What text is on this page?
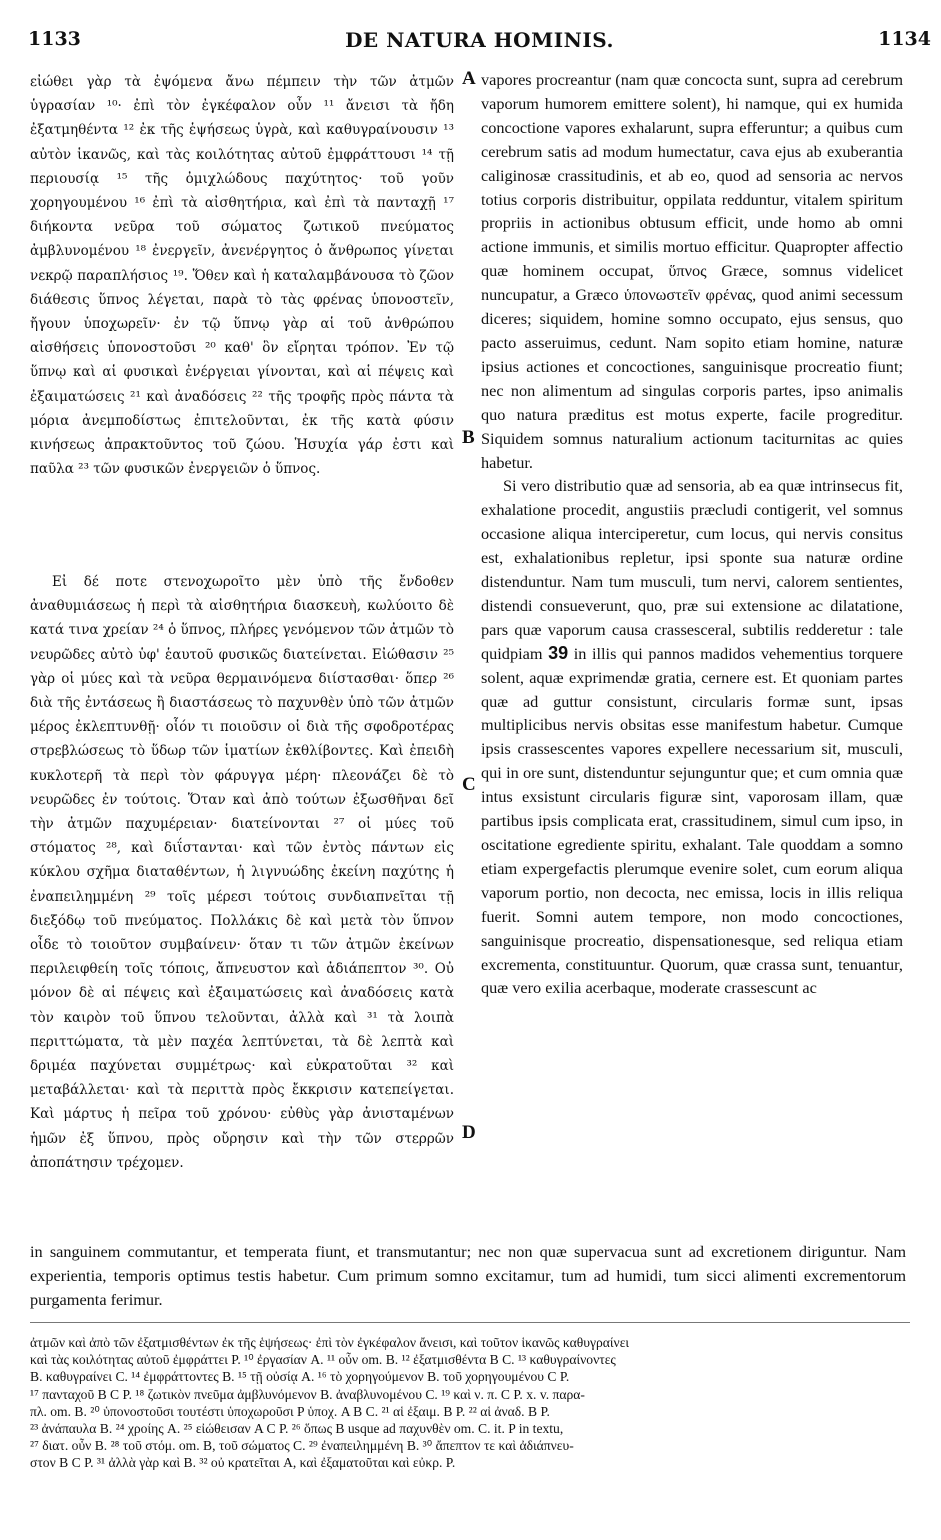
1133	DE NATURA HOMINIS.	1134

εἰώθει γὰρ τὰ ἐψόμενα ἄνω πέμπειν τὴν τῶν ἀτμῶν ὑγρασίαν ¹⁰· ἐπὶ τὸν ἐγκέφαλον οὖν ¹¹ ἄνεισι τὰ ἤδη ἐξατμηθέντα ¹² ἐκ τῆς ἑψήσεως ὑγρὰ, καὶ καθυγραίνουσιν ¹³ αὐτὸν ἱκανῶς, καὶ τὰς κοιλότητας αὐτοῦ ἐμφράττουσι ¹⁴ τῇ περιουσίᾳ ¹⁵ τῆς ὀμιχλώδους παχύτητος· τοῦ γοῦν χορηγουμένου ¹⁶ ἐπὶ τὰ αἰσθητήρια, καὶ ἐπὶ τὰ πανταχῇ ¹⁷ διήκοντα νεῦρα τοῦ σώματος ζωτικοῦ πνεύματος ἀμβλυνομένου ¹⁸ ἐνεργεῖν, ἀνενέργητος ὁ ἄνθρωπος γίνεται νεκρῷ παραπλήσιος ¹⁹. Ὅθεν καὶ ἡ καταλαμβάνουσα τὸ ζῶον διάθεσις ὕπνος λέγεται, παρὰ τὸ τὰς φρένας ὑπονοστεῖν, ἤγουν ὑποχωρεῖν· ἐν τῷ ὕπνῳ γὰρ αἱ τοῦ ἀνθρώπου αἰσθήσεις ὑπονοστοῦσι ²⁰ καθ' ὃν εἴρηται τρόπον. Ἐν τῷ ὕπνῳ καὶ αἱ φυσικαὶ ἐνέργειαι γίνονται, καὶ αἱ πέψεις καὶ ἐξαιματώσεις ²¹ καὶ ἀναδόσεις ²² τῆς τροφῆς πρὸς πάντα τὰ μόρια ἀνεμποδίστως ἐπιτελοῦνται, ἐκ τῆς κατὰ φύσιν κινήσεως ἀπρακτοῦντος τοῦ ζώου. Ἡσυχία γάρ ἐστι καὶ παῦλα ²³ τῶν φυσικῶν ἐνεργειῶν ὁ ὕπνος.

Εἰ δέ ποτε στενοχωροῖτο μὲν ὑπὸ τῆς ἔνδοθεν ἀναθυμιάσεως ἡ περὶ τὰ αἰσθητήρια διασκευὴ, κωλύοιτο δὲ κατά τινα χρείαν ²⁴ ὁ ὕπνος, πλήρες γενόμενον τῶν ἀτμῶν τὸ νευρῶδες αὐτὸ ὑφ' ἑαυτοῦ φυσικῶς διατείνεται. Εἰώθασιν ²⁵ γὰρ οἱ μύες καὶ τὰ νεῦρα θερμαινόμενα διίστασθαι· ὅπερ ²⁶ διὰ τῆς ἐντάσεως ἢ διαστάσεως τὸ παχυνθὲν ὑπὸ τῶν ἀτμῶν μέρος ἐκλεπτυνθῇ· οἷόν τι ποιοῦσιν οἱ διὰ τῆς σφοδροτέρας στρεβλώσεως τὸ ὕδωρ τῶν ἱματίων ἐκθλίβοντες. Καὶ ἐπειδὴ κυκλοτερῆ τὰ περὶ τὸν φάρυγγα μέρη· πλεονάζει δὲ τὸ νευρῶδες ἐν τούτοις. Ὅταν καὶ ἀπὸ τούτων ἐξωσθῆναι δεῖ τὴν ἀτμῶν παχυμέρειαν· διατείνονται ²⁷ οἱ μύες τοῦ στόματος ²⁸, καὶ διΐστανται· καὶ τῶν ἐντὸς πάντων εἰς κύκλου σχῆμα διαταθέντων, ἡ λιγνυώδης ἐκείνη παχύτης ἡ ἐναπειλημμένη ²⁹ τοῖς μέρεσι τούτοις συνδιαπνεῖται τῇ διεξόδῳ τοῦ πνεύματος. Πολλάκις δὲ καὶ μετὰ τὸν ὕπνον οἶδε τὸ τοιοῦτον συμβαίνειν· ὅταν τι τῶν ἀτμῶν ἐκείνων περιλειφθείη τοῖς τόποις, ἄπνευστον καὶ ἀδιάπεπτον ³⁰. Οὐ μόνον δὲ αἱ πέψεις καὶ ἐξαιματώσεις καὶ ἀναδόσεις κατὰ τὸν καιρὸν τοῦ ὕπνου τελοῦνται, ἀλλὰ καὶ ³¹ τὰ λοιπὰ περιττώματα, τὰ μὲν παχέα λεπτύνεται, τὰ δὲ λεπτὰ καὶ δριμέα παχύνεται συμμέτρως· καὶ εὐκρατοῦται ³² καὶ μεταβάλλεται· καὶ τὰ περιττὰ πρὸς ἔκκρισιν κατεπείγεται. Καὶ μάρτυς ἡ πεῖρα τοῦ χρόνου· εὐθὺς γὰρ ἀνισταμένων ἡμῶν ἐξ ὕπνου, πρὸς οὔρησιν καὶ τὴν τῶν στερρῶν ἀποπάτησιν τρέχομεν.

vapores procreantur (nam quæ concocta sunt, supra ad cerebrum vaporum humorem emittere solent), hi namque, qui ex humida concoctione vapores exhalarunt, supra efferuntur; a quibus cum cerebrum satis ad modum humectatur, cava ejus ab exuberantia caliginosæ crassitudinis, et ab eo, quod ad sensoria ac nervos totius corporis distribuitur, oppilata redduntur, vitalem spiritum propriis in actionibus obtusum efficit, unde homo ab omni actione immunis, et similis mortuo efficitur. Quapropter affectio quæ hominem occupat, ὕπνος Græce, somnus videlicet nuncupatur, a Græco ὑπονωστεῖν φρένας, quod animi secessum diceres; siquidem, homine somno occupato, ejus sensus, quo pacto asseruimus, cedunt. Nam sopito etiam homine, naturæ ipsius actiones et concoctiones, sanguinisque procreatio fiunt; nec non alimentum ad singulas corporis partes, ipso animalis quo natura præditus est motus experte, facile progreditur. Siquidem somnus naturalium actionum taciturnitas ac quies habetur.

Si vero distributio quæ ad sensoria, ab ea quæ intrinsecus fit, exhalatione procedit, angustiis præcludi contigerit, vel somnus occasione aliqua interciperetur, cum locus, qui nervis consitus est, exhalationibus repletur, ipsi sponte sua naturæ ordine distenduntur. Nam tum musculi, tum nervi, calorem sentientes, distendi consueverunt, quo, præ sui extensione ac dilatatione, pars quæ vaporum causa crassesceral, subtilis redderetur : tale quidpiam 39 in illis qui pannos madidos vehementius torquere solent, aquæ exprimendæ gratia, cernere est. Et quoniam partes quæ ad guttur consistunt, circularis formæ sunt, ipsas multiplicibus nervis obsitas esse manifestum habetur. Cumque ipsis crassescentes vapores expellere necessarium sit, musculi, qui in ore sunt, distenduntur sejunguntur que; et cum omnia quæ intus exsistunt circularis figuræ sint, vaporosam illam, quæ partibus ipsis complicata erat, crassitudinem, simul cum ipso, in oscitatione egrediente spiritu, exhalant. Tale quoddam a somno etiam expergefactis plerumque evenire solet, cum eorum aliqua vaporum portio, non decocta, nec emissa, locis in illis reliqua fuerit. Somni autem tempore, non modo concoctiones, sanguinisque procreatio, dispensationesque, sed reliqua etiam excrementa, constituuntur. Quorum, quæ crassa sunt, tenuantur, quæ vero exilia acerbaque, moderate crassescunt ac

A
B
C
D

in sanguinem commutantur, et temperata fiunt, et transmutantur; nec non quæ supervacua sunt ad excretionem diriguntur. Nam experientia, temporis optimus testis habetur. Cum primum somno excitamur, tum ad humidi, tum sicci alimenti excrementorum purgamenta ferimur.

ἀτμῶν καὶ ἀπὸ τῶν ἐξατμισθέντων ἐκ τῆς ἑψήσεως· ἐπὶ τὸν ἐγκέφαλον ἄνεισι, καὶ τοῦτον ἱκανῶς καθυγραίνει

καὶ τὰς κοιλότητας αὐτοῦ ἐμφράττει P. ¹⁰ ἐργασίαν A. ¹¹ οὖν om. B. ¹² ἐξατμισθέντα B C. ¹³ καθυγραίνοντες

B. καθυγραίνει C. ¹⁴ ἐμφράττοντες B. ¹⁵ τῇ οὐσίᾳ A. ¹⁶ τὸ χορηγούμενον B. τοῦ χορηγουμένου C P.

¹⁷ πανταχοῦ B C P. ¹⁸ ζωτικὸν πνεῦμα ἀμβλυνόμενον B. ἀναβλυνομένου C. ¹⁹ καὶ ν. π. C P. x. v. παρα-

πλ. om. B. ²⁰ ὑπονοστοῦσι τουτέστι ὑποχωροῦσι P ὑποχ. A B C. ²¹ αἱ ἐξαιμ. B P. ²² αἱ ἀναδ. B P.

²³ ἀνάπαυλα B. ²⁴ χροίης A. ²⁵ εἰώθεισαν A C P. ²⁶ ὅπως B usque ad παχυνθὲν om. C. it. P in textu,

²⁷ διατ. οὖν B. ²⁸ τοῦ στόμ. om. B, τοῦ σώματος C. ²⁹ ἐναπειλημμένη B. ³⁰ ἄπεπτον τε καὶ ἀδιάπνευ-

στον B C P. ³¹ ἀλλὰ γὰρ καὶ B. ³² οὐ κρατεῖται A, καὶ ἐξαματοῦται καὶ εὐκρ. P.
